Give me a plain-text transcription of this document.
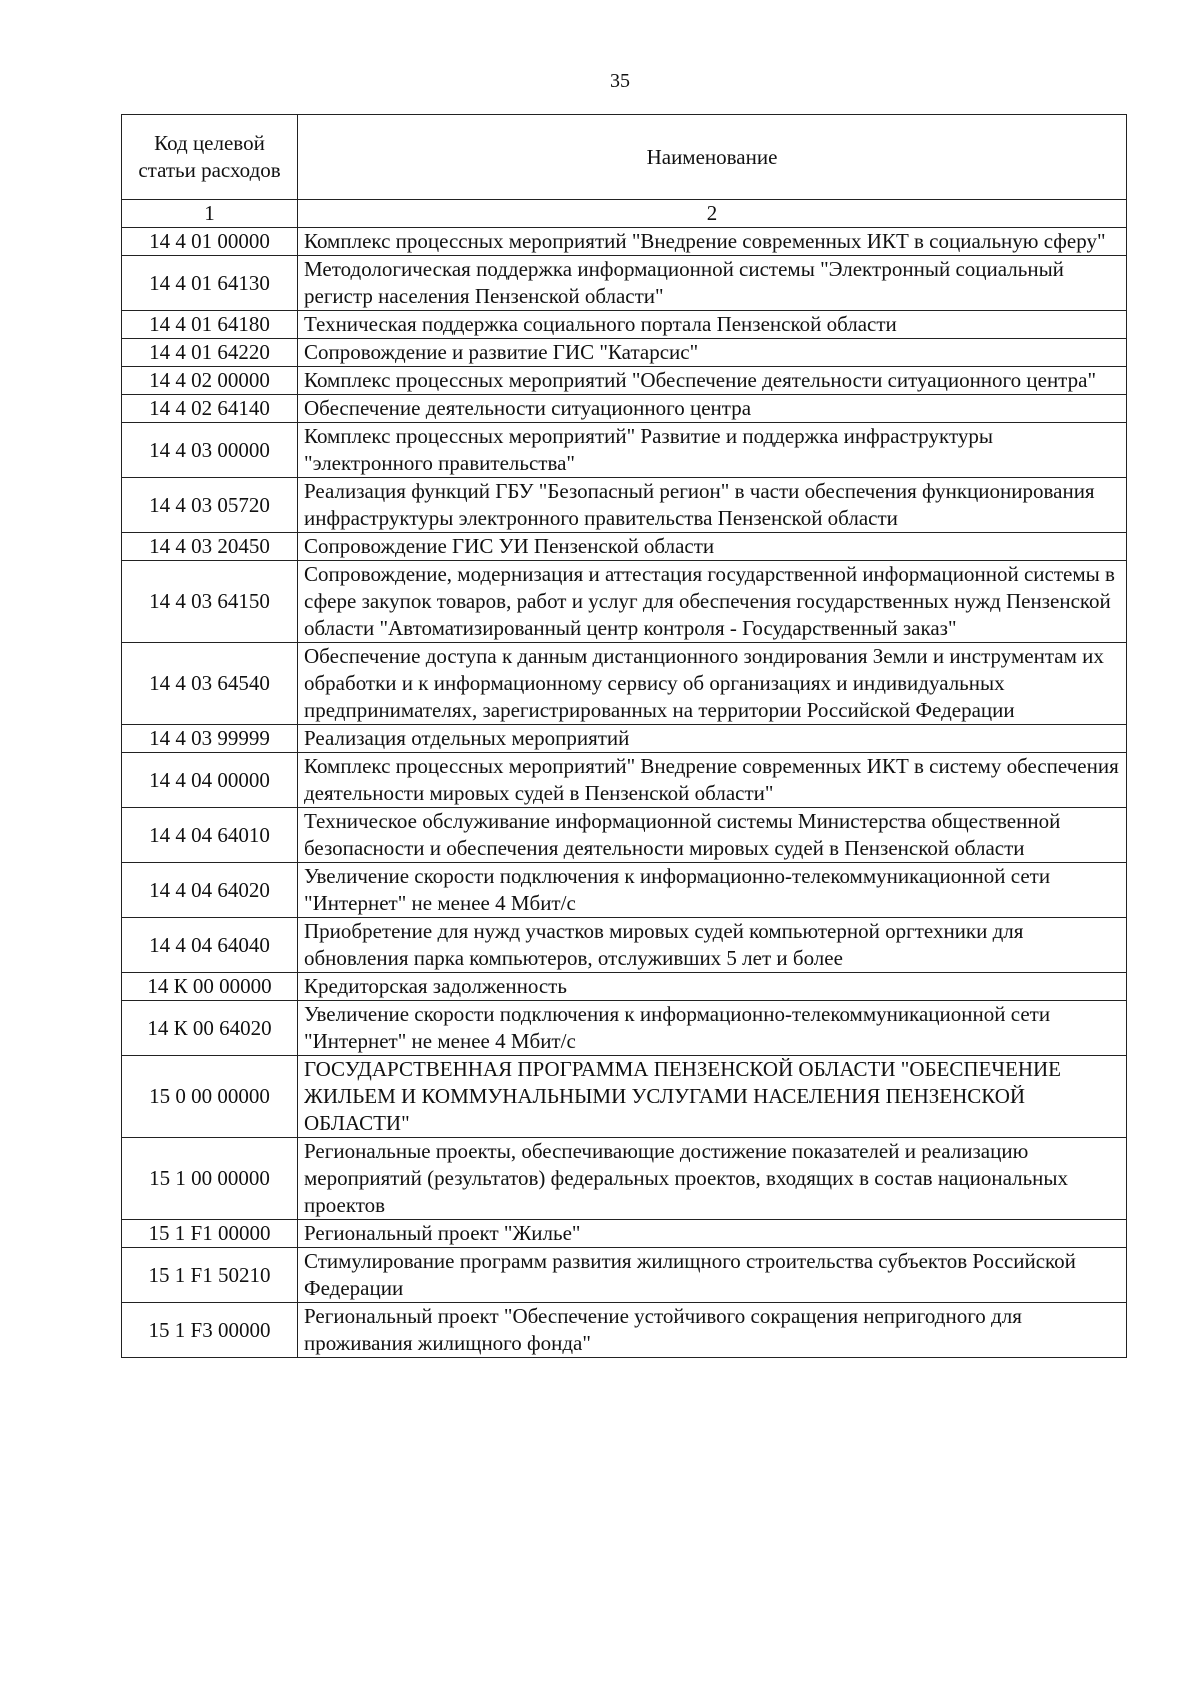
35
Код целевой статьи расходов	Наименование
1	2
14 4 01 00000	Комплекс процессных мероприятий "Внедрение современных ИКТ в социальную сферу"
14 4 01 64130	Методологическая поддержка информационной системы "Электронный социальный регистр населения Пензенской области"
14 4 01 64180	Техническая поддержка социального портала Пензенской области
14 4 01 64220	Сопровождение и развитие ГИС "Катарсис"
14 4 02 00000	Комплекс процессных мероприятий "Обеспечение деятельности ситуационного центра"
14 4 02 64140	Обеспечение деятельности ситуационного центра
14 4 03 00000	Комплекс процессных мероприятий" Развитие и поддержка инфраструктуры "электронного правительства"
14 4 03 05720	Реализация функций ГБУ "Безопасный регион" в части обеспечения функционирования инфраструктуры электронного правительства Пензенской области
14 4 03 20450	Сопровождение ГИС УИ Пензенской области
14 4 03 64150	Сопровождение, модернизация и аттестация государственной информационной системы в сфере закупок товаров, работ и услуг для обеспечения государственных нужд Пензенской области "Автоматизированный центр контроля - Государственный заказ"
14 4 03 64540	Обеспечение доступа к данным дистанционного зондирования Земли и инструментам их обработки и к информационному сервису об организациях и индивидуальных предпринимателях, зарегистрированных на территории Российской Федерации
14 4 03 99999	Реализация отдельных мероприятий
14 4 04 00000	Комплекс процессных мероприятий" Внедрение современных ИКТ в систему обеспечения деятельности мировых судей в Пензенской области"
14 4 04 64010	Техническое обслуживание информационной системы Министерства общественной безопасности и обеспечения деятельности мировых судей в Пензенской области
14 4 04 64020	Увеличение скорости подключения к информационно-телекоммуникационной сети "Интернет" не менее 4 Мбит/с
14 4 04 64040	Приобретение для нужд участков мировых судей компьютерной оргтехники для обновления парка компьютеров, отслуживших 5 лет и более
14 К 00 00000	Кредиторская задолженность
14 К 00 64020	Увеличение скорости подключения к информационно-телекоммуникационной сети "Интернет" не менее 4 Мбит/с
15 0 00 00000	ГОСУДАРСТВЕННАЯ ПРОГРАММА ПЕНЗЕНСКОЙ ОБЛАСТИ "ОБЕСПЕЧЕНИЕ ЖИЛЬЕМ И КОММУНАЛЬНЫМИ УСЛУГАМИ НАСЕЛЕНИЯ ПЕНЗЕНСКОЙ ОБЛАСТИ"
15 1 00 00000	Региональные проекты, обеспечивающие достижение показателей и реализацию мероприятий (результатов) федеральных проектов, входящих в состав национальных проектов
15 1 F1 00000	Региональный проект "Жилье"
15 1 F1 50210	Стимулирование программ развития жилищного строительства субъектов Российской Федерации
15 1 F3 00000	Региональный проект "Обеспечение устойчивого сокращения непригодного для проживания жилищного фонда"
